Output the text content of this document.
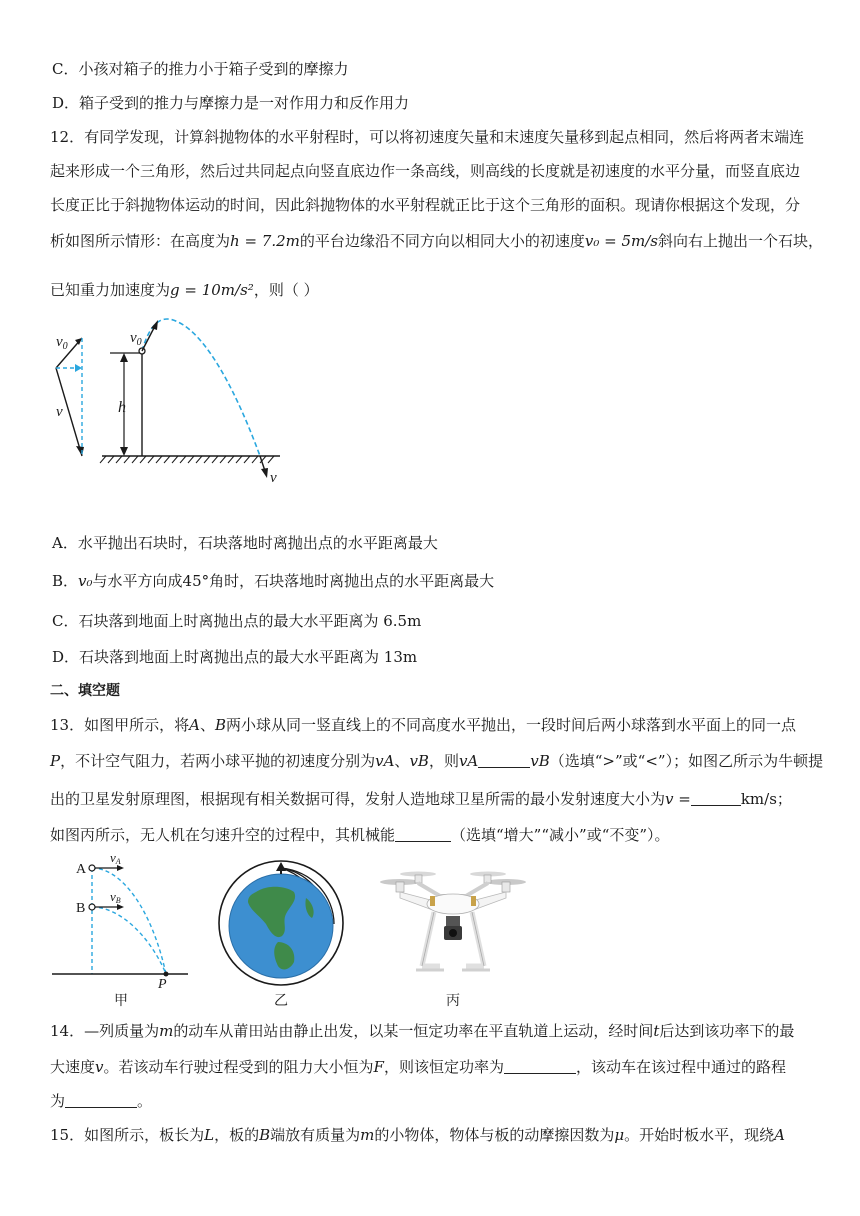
C．小孩对箱子的推力小于箱子受到的摩擦力
D．箱子受到的推力与摩擦力是一对作用力和反作用力
12．有同学发现，计算斜抛物体的水平射程时，可以将初速度矢量和末速度矢量移到起点相同，然后将两者末端连
起来形成一个三角形，然后过共同起点向竖直底边作一条高线，则高线的长度就是初速度的水平分量，而竖直底边
长度正比于斜抛物体运动的时间，因此斜抛物体的水平射程就正比于这个三角形的面积。现请你根据这个发现，分
析如图所示情形：在高度为h = 7.2m的平台边缘沿不同方向以相同大小的初速度v₀ = 5m/s斜向右上抛出一个石块，
已知重力加速度为g = 10m/s²，则（ ）
$v_0$
v	h
$v_0$
v
A．水平抛出石块时，石块落地时离抛出点的水平距离最大
B．v₀与水平方向成45°角时，石块落地时离抛出点的水平距离最大
C．石块落到地面上时离抛出点的最大水平距离为 6.5m
D．石块落到地面上时离抛出点的最大水平距离为 13m
二、填空题
13．如图甲所示，将A、B两小球从同一竖直线上的不同高度水平抛出，一段时间后两小球落到水平面上的同一点
P，不计空气阻力，若两小球平抛的初速度分别为vA、vB，则vA	vB（选填“>”或“<”）；如图乙所示为牛顿提
出的卫星发射原理图，根据现有相关数据可得，发射人造地球卫星所需的最小发射速度大小为v =	km/s；
如图丙所示，无人机在匀速升空的过程中，其机械能	（选填“增大”“减小”或“不变”）。
A
B
vA
vB
P
甲	乙	丙
14．—列质量为m的动车从莆田站由静止出发，以某一恒定功率在平直轨道上运动，经时间t后达到该功率下的最
大速度v。若该动车行驶过程受到的阻力大小恒为F，则该恒定功率为	，该动车在该过程中通过的路程
为	。
15．如图所示，板长为L，板的B端放有质量为m的小物体，物体与板的动摩擦因数为μ。开始时板水平，现绕A
